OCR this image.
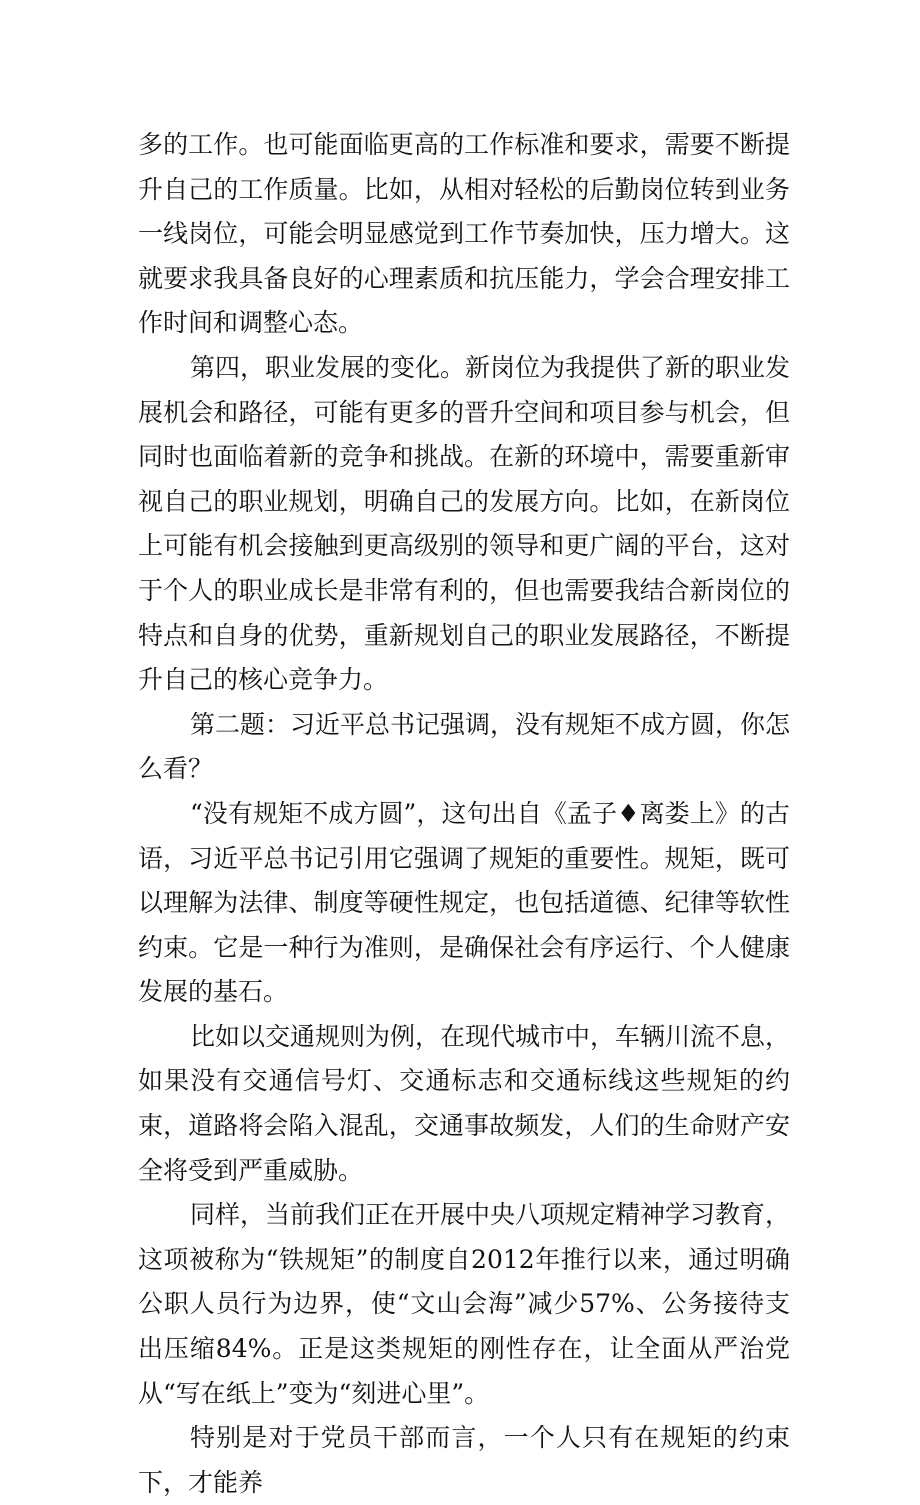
多的工作。也可能面临更高的工作标准和要求，需要不断提升自己的工作质量。比如，从相对轻松的后勤岗位转到业务一线岗位，可能会明显感觉到工作节奏加快，压力增大。这就要求我具备良好的心理素质和抗压能力，学会合理安排工作时间和调整心态。

第四，职业发展的变化。新岗位为我提供了新的职业发展机会和路径，可能有更多的晋升空间和项目参与机会，但同时也面临着新的竞争和挑战。在新的环境中，需要重新审视自己的职业规划，明确自己的发展方向。比如，在新岗位上可能有机会接触到更高级别的领导和更广阔的平台，这对于个人的职业成长是非常有利的，但也需要我结合新岗位的特点和自身的优势，重新规划自己的职业发展路径，不断提升自己的核心竞争力。

第二题：习近平总书记强调，没有规矩不成方圆，你怎么看？

“没有规矩不成方圆”，这句出自《孟子♦离娄上》的古语，习近平总书记引用它强调了规矩的重要性。规矩，既可以理解为法律、制度等硬性规定，也包括道德、纪律等软性约束。它是一种行为准则，是确保社会有序运行、个人健康发展的基石。

比如以交通规则为例，在现代城市中，车辆川流不息，如果没有交通信号灯、交通标志和交通标线这些规矩的约束，道路将会陷入混乱，交通事故频发，人们的生命财产安全将受到严重威胁。

同样，当前我们正在开展中央八项规定精神学习教育，这项被称为“铁规矩”的制度自2012年推行以来，通过明确公职人员行为边界，使“文山会海”减少57%、公务接待支出压缩84%。正是这类规矩的刚性存在，让全面从严治党从“写在纸上”变为“刻进心里”。

特别是对于党员干部而言，一个人只有在规矩的约束下，才能养
